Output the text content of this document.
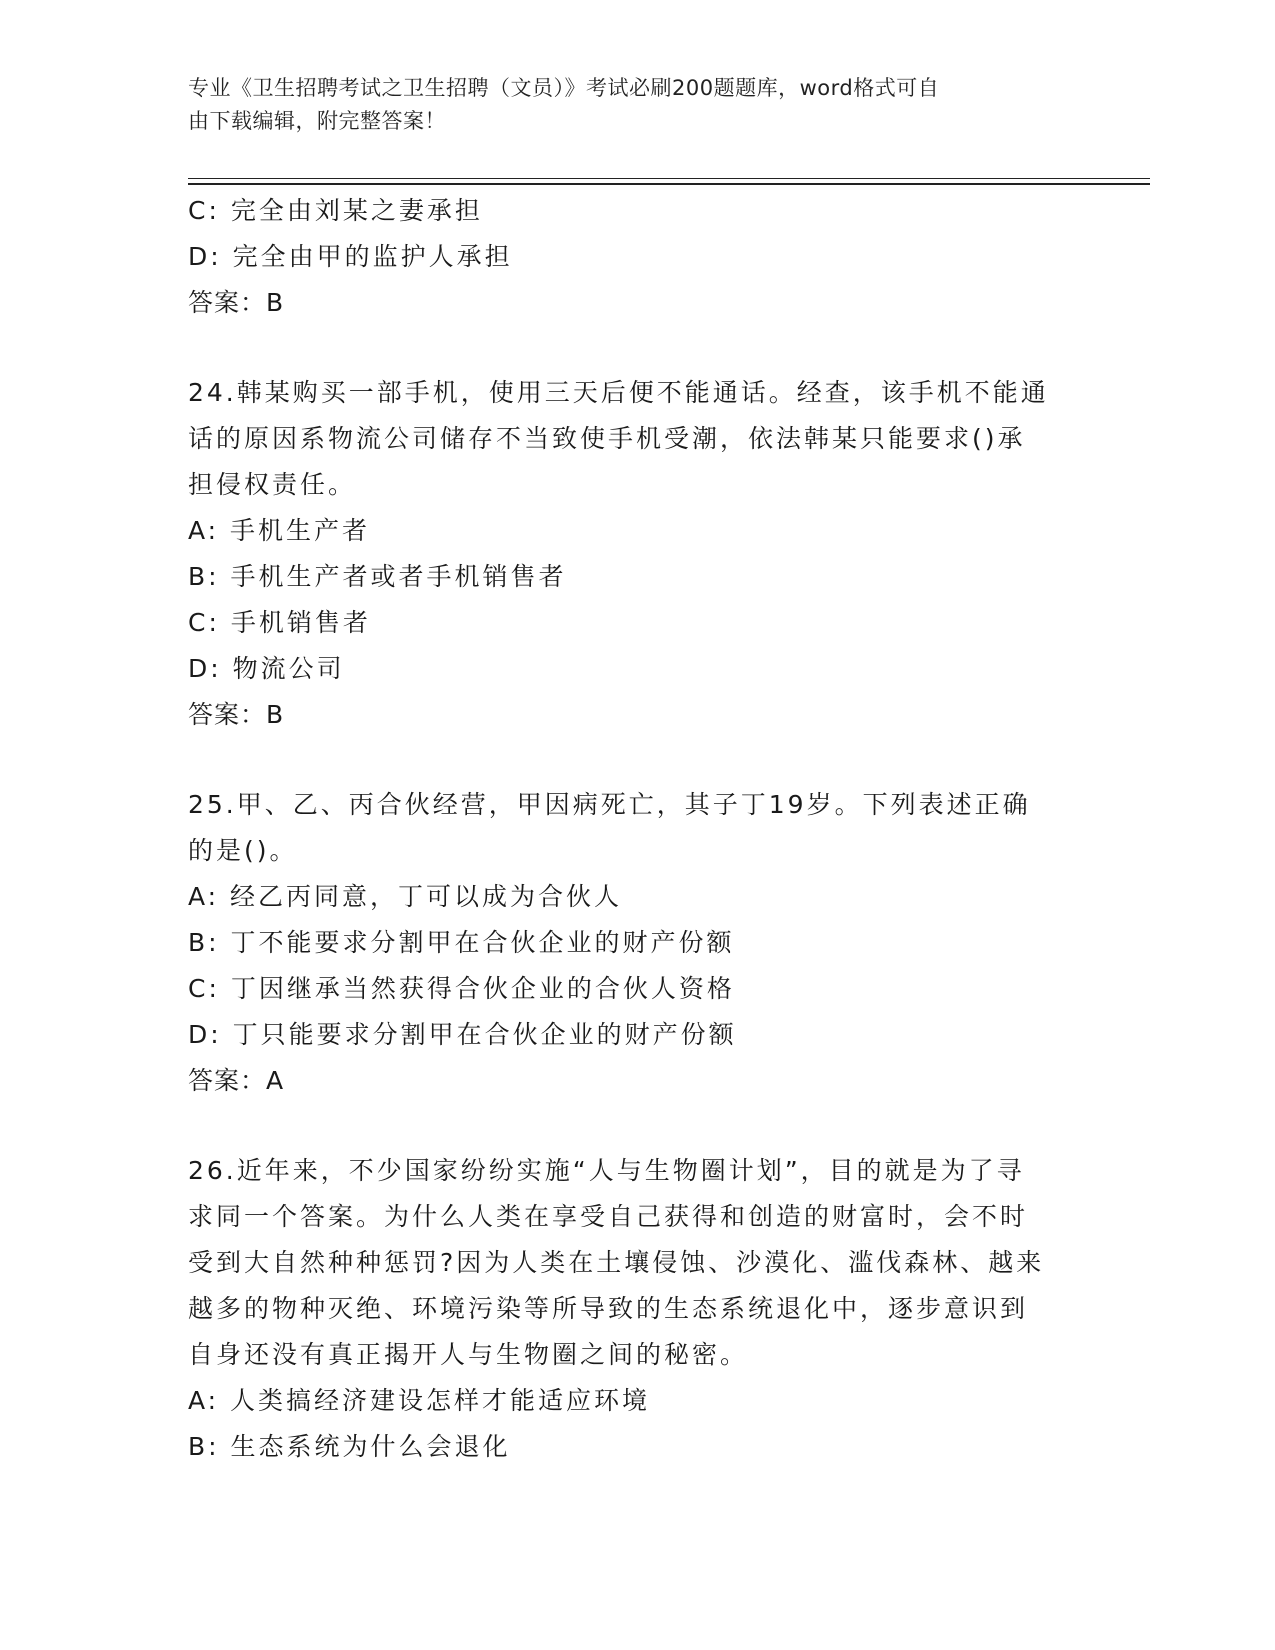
专业《卫生招聘考试之卫生招聘（文员）》考试必刷200题题库，word格式可自
由下载编辑，附完整答案！
C: 完全由刘某之妻承担
D: 完全由甲的监护人承担
答案：B
24.韩某购买一部手机，使用三天后便不能通话。经查，该手机不能通
话的原因系物流公司储存不当致使手机受潮，依法韩某只能要求()承
担侵权责任。
A: 手机生产者
B: 手机生产者或者手机销售者
C: 手机销售者
D: 物流公司
答案：B
25.甲、乙、丙合伙经营，甲因病死亡，其子丁19岁。下列表述正确
的是()。
A: 经乙丙同意，丁可以成为合伙人
B: 丁不能要求分割甲在合伙企业的财产份额
C: 丁因继承当然获得合伙企业的合伙人资格
D: 丁只能要求分割甲在合伙企业的财产份额
答案：A
26.近年来，不少国家纷纷实施“人与生物圈计划”，目的就是为了寻
求同一个答案。为什么人类在享受自己获得和创造的财富时，会不时
受到大自然种种惩罚?因为人类在土壤侵蚀、沙漠化、滥伐森林、越来
越多的物种灭绝、环境污染等所导致的生态系统退化中，逐步意识到
自身还没有真正揭开人与生物圈之间的秘密。
A: 人类搞经济建设怎样才能适应环境
B: 生态系统为什么会退化
